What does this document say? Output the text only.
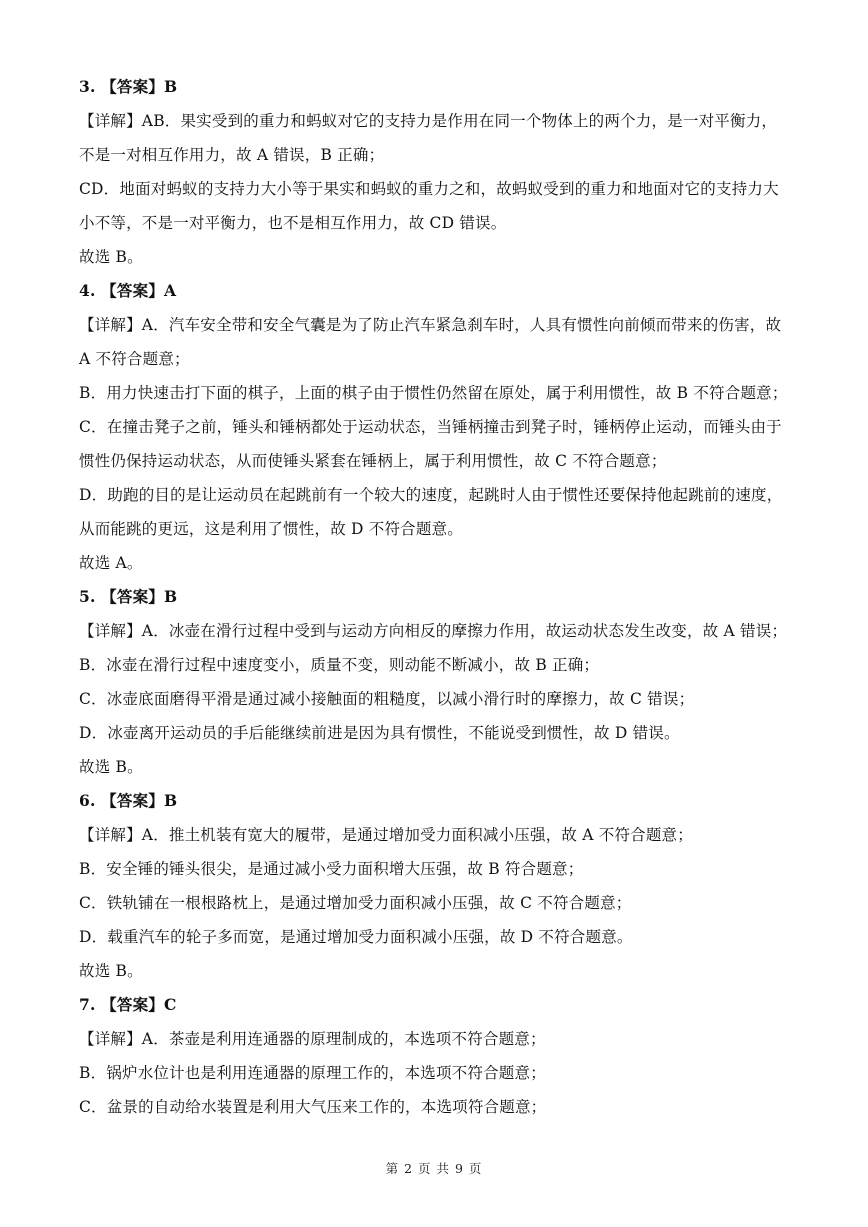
3. 【答案】B
【详解】AB．果实受到的重力和蚂蚁对它的支持力是作用在同一个物体上的两个力，是一对平衡力，
不是一对相互作用力，故 A 错误，B 正确；
CD．地面对蚂蚁的支持力大小等于果实和蚂蚁的重力之和，故蚂蚁受到的重力和地面对它的支持力大
小不等，不是一对平衡力，也不是相互作用力，故 CD 错误。
故选 B。
4. 【答案】A
【详解】A．汽车安全带和安全气囊是为了防止汽车紧急刹车时，人具有惯性向前倾而带来的伤害，故
A 不符合题意；
B．用力快速击打下面的棋子，上面的棋子由于惯性仍然留在原处，属于利用惯性，故 B 不符合题意；
C．在撞击凳子之前，锤头和锤柄都处于运动状态，当锤柄撞击到凳子时，锤柄停止运动，而锤头由于
惯性仍保持运动状态，从而使锤头紧套在锤柄上，属于利用惯性，故 C 不符合题意；
D．助跑的目的是让运动员在起跳前有一个较大的速度，起跳时人由于惯性还要保持他起跳前的速度，
从而能跳的更远，这是利用了惯性，故 D 不符合题意。
故选 A。
5. 【答案】B
【详解】A．冰壶在滑行过程中受到与运动方向相反的摩擦力作用，故运动状态发生改变，故 A 错误；
B．冰壶在滑行过程中速度变小，质量不变，则动能不断减小，故 B 正确；
C．冰壶底面磨得平滑是通过减小接触面的粗糙度，以减小滑行时的摩擦力，故 C 错误；
D．冰壶离开运动员的手后能继续前进是因为具有惯性，不能说受到惯性，故 D 错误。
故选 B。
6. 【答案】B
【详解】A．推土机装有宽大的履带，是通过增加受力面积减小压强，故 A 不符合题意；
B．安全锤的锤头很尖，是通过减小受力面积增大压强，故 B 符合题意；
C．铁轨铺在一根根路枕上，是通过增加受力面积减小压强，故 C 不符合题意；
D．载重汽车的轮子多而宽，是通过增加受力面积减小压强，故 D 不符合题意。
故选 B。
7. 【答案】C
【详解】A．茶壶是利用连通器的原理制成的，本选项不符合题意；
B．锅炉水位计也是利用连通器的原理工作的，本选项不符合题意；
C．盆景的自动给水装置是利用大气压来工作的，本选项符合题意；
第 2 页 共 9 页
